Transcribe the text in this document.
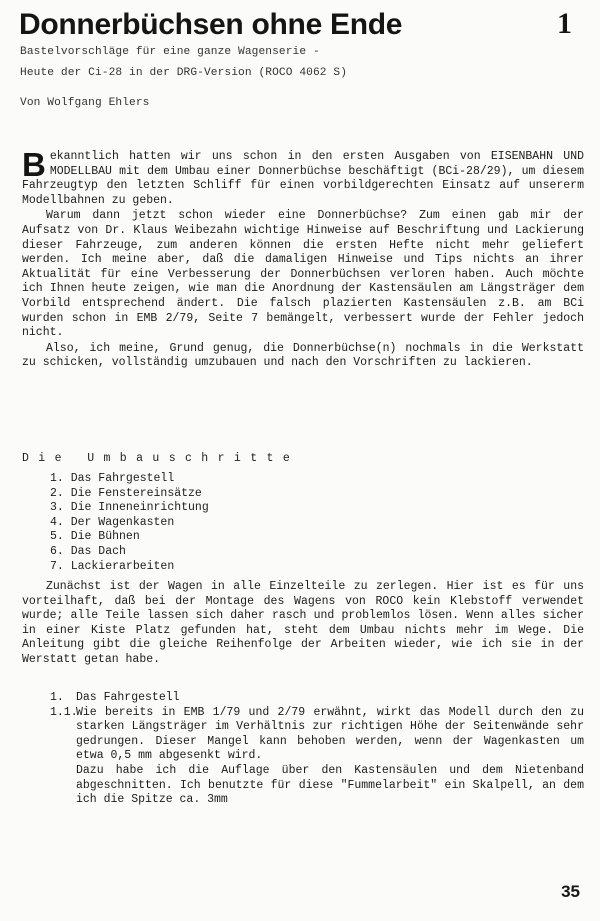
Donnerbüchsen ohne Ende	1
Bastelvorschläge für eine ganze Wagenserie -
Heute der Ci-28 in der DRG-Version (ROCO 4062 S)
Von Wolfgang Ehlers

Bekanntlich hatten wir uns schon in den ersten Ausgaben von EISENBAHN UND MODELLBAU mit dem Umbau einer Donnerbüchse beschäftigt (BCi-28/29), um diesem Fahrzeugtyp den letzten Schliff für einen vorbildgerechten Einsatz auf unsererm Modellbahnen zu geben.

Warum dann jetzt schon wieder eine Donnerbüchse? Zum einen gab mir der Aufsatz von Dr. Klaus Weibezahn wichtige Hinweise auf Beschriftung und Lackierung dieser Fahrzeuge, zum anderen können die ersten Hefte nicht mehr geliefert werden. Ich meine aber, daß die damaligen Hinweise und Tips nichts an ihrer Aktualität für eine Verbesserung der Donnerbüchsen verloren haben. Auch möchte ich Ihnen heute zeigen, wie man die Anordnung der Kastensäulen am Längsträger dem Vorbild entsprechend ändert. Die falsch plazierten Kastensäulen z.B. am BCi wurden schon in EMB 2/79, Seite 7 bemängelt, verbessert wurde der Fehler jedoch nicht.

Also, ich meine, Grund genug, die Donnerbüchse(n) nochmals in die Werkstatt zu schicken, vollständig umzubauen und nach den Vorschriften zu lackieren.

Die Umbauschritte
1. Das Fahrgestell
2. Die Fenstereinsätze
3. Die Inneneinrichtung
4. Der Wagenkasten
5. Die Bühnen
6. Das Dach
7. Lackierarbeiten

Zunächst ist der Wagen in alle Einzelteile zu zerlegen. Hier ist es für uns vorteilhaft, daß bei der Montage des Wagens von ROCO kein Klebstoff verwendet wurde; alle Teile lassen sich daher rasch und problemlos lösen. Wenn alles sicher in einer Kiste Platz gefunden hat, steht dem Umbau nichts mehr im Wege. Die Anleitung gibt die gleiche Reihenfolge der Arbeiten wieder, wie ich sie in der Werstatt getan habe.

1.	Das Fahrgestell
1.1.
Wie bereits in EMB 1/79 und 2/79 erwähnt, wirkt das Modell durch den zu starken Längsträger im Verhältnis zur richtigen Höhe der Seitenwände sehr gedrungen. Dieser Mangel kann behoben werden, wenn der Wagenkasten um etwa 0,5 mm abgesenkt wird.
Dazu habe ich die Auflage über den Kastensäulen und dem Nietenband abgeschnitten. Ich benutzte für diese "Fummelarbeit" ein Skalpell, an dem ich die Spitze ca. 3mm
35
